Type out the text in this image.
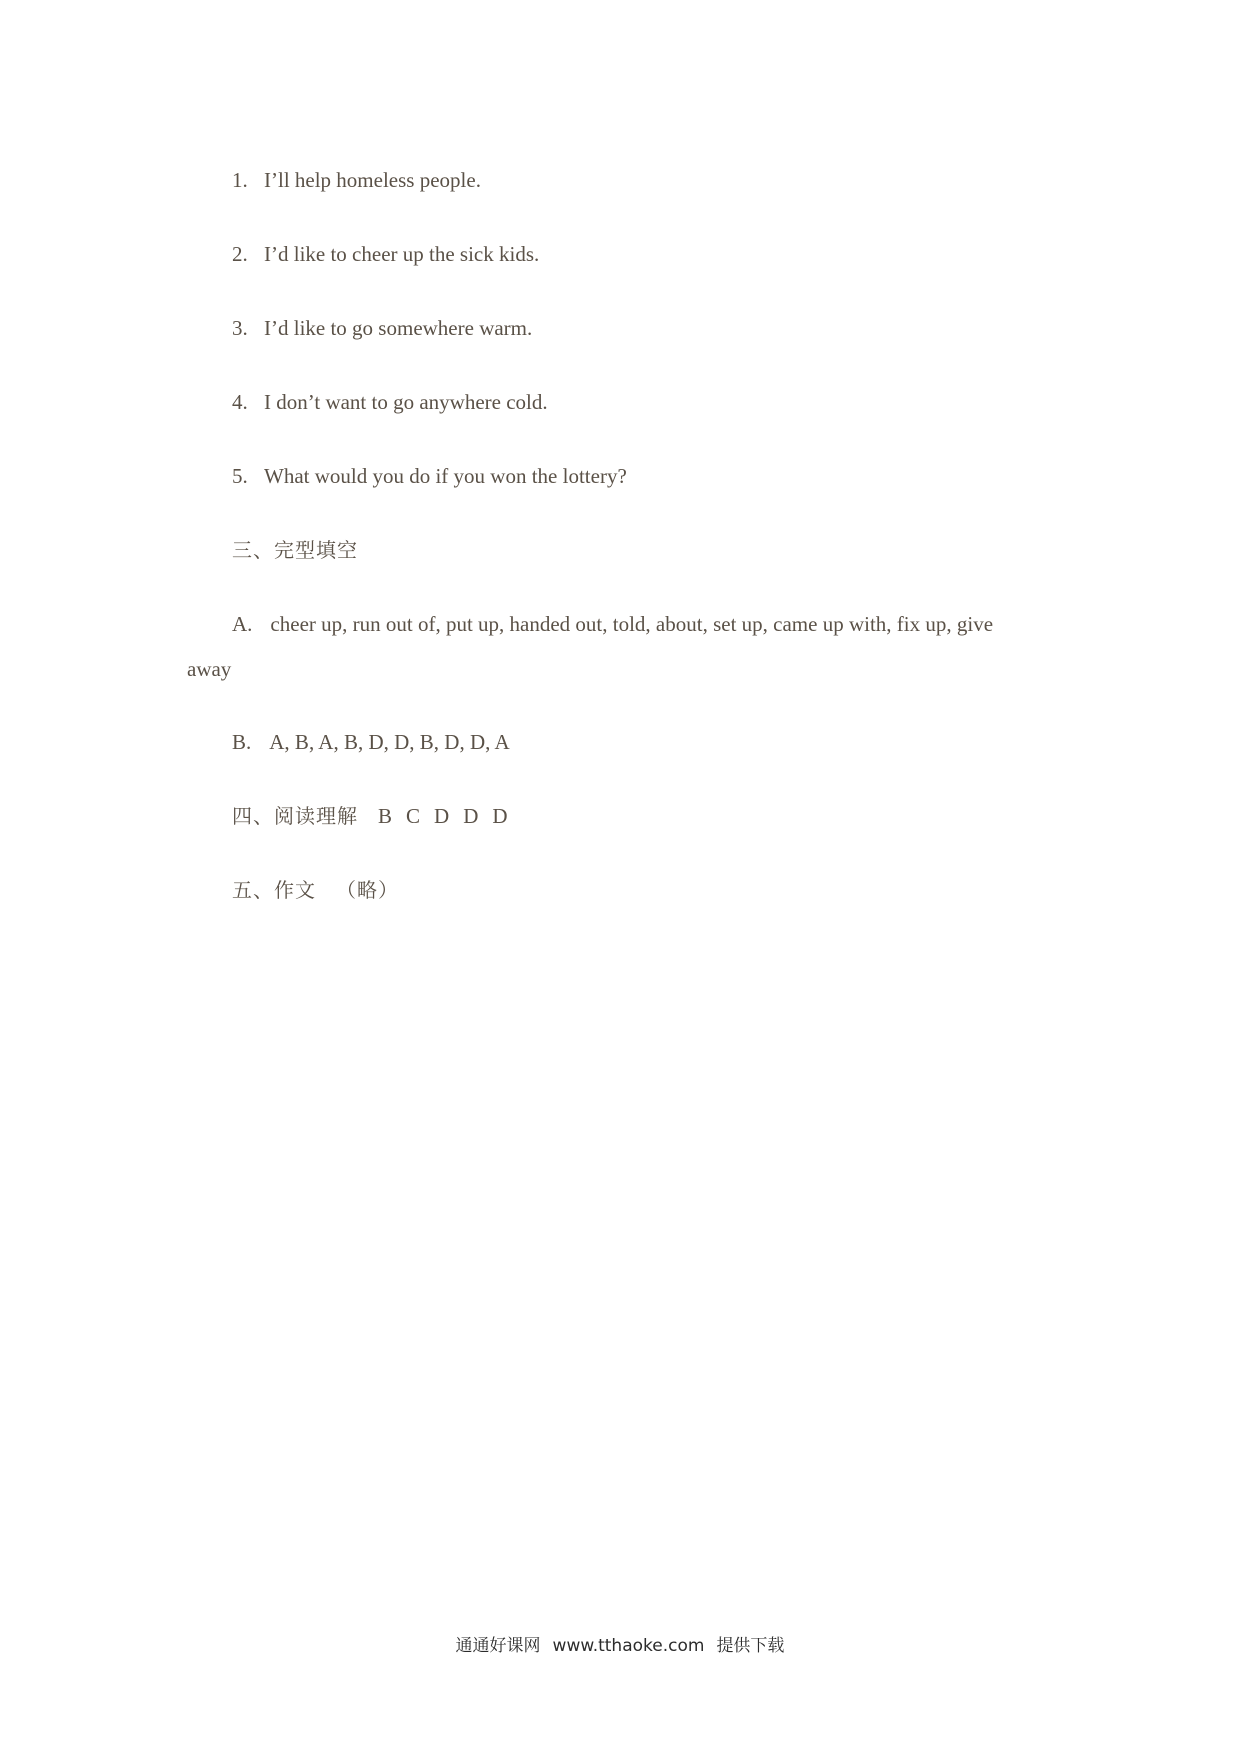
1. I’ll help homeless people.
2. I’d like to cheer up the sick kids.
3. I’d like to go somewhere warm.
4. I don’t want to go anywhere cold.
5. What would you do if you won the lottery?
三、完型填空
A. cheer up, run out of, put up, handed out, told, about, set up, came up with, fix up, give
away
B. A, B, A, B, D, D, B, D, D, A
四、阅读理解 B C D D D
五、作文 （略）
通通好课网 www.tthaoke.com 提供下载
